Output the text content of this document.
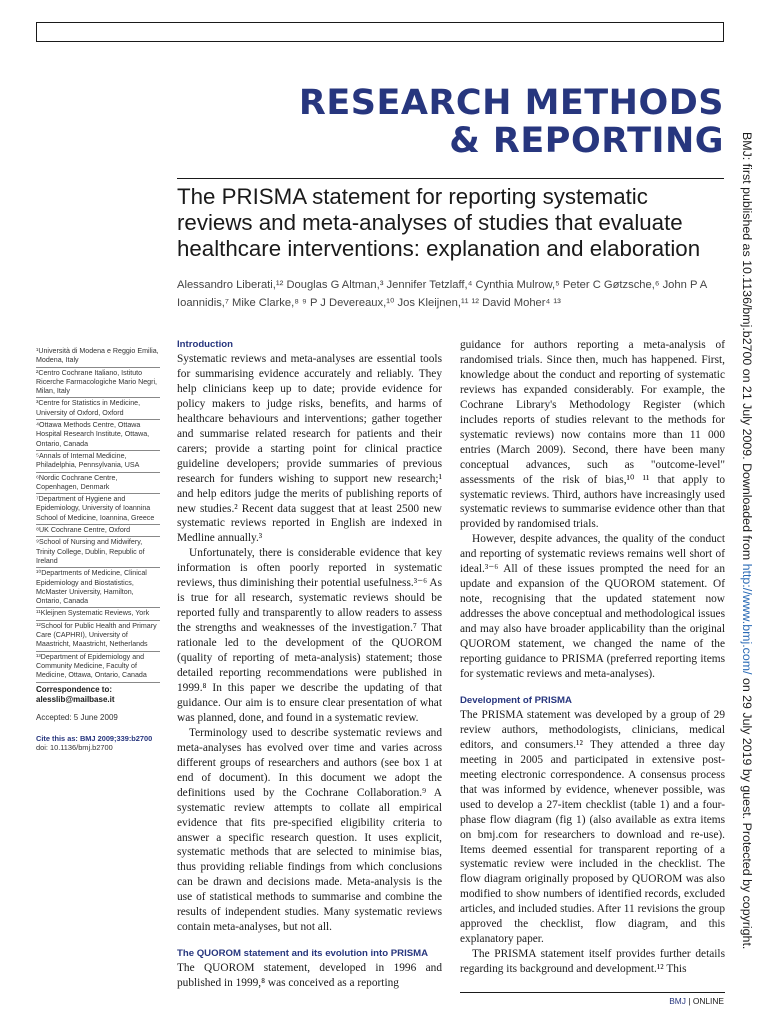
RESEARCH METHODS
& REPORTING
The PRISMA statement for reporting systematic reviews and meta-analyses of studies that evaluate healthcare interventions: explanation and elaboration
Alessandro Liberati,¹² Douglas G Altman,³ Jennifer Tetzlaff,⁴ Cynthia Mulrow,⁵ Peter C Gøtzsche,⁶ John P A Ioannidis,⁷ Mike Clarke,⁸ ⁹ P J Devereaux,¹⁰ Jos Kleijnen,¹¹ ¹² David Moher⁴ ¹³	BMJ: first published as 10.1136/bmj.b2700 on 21 July 2009. Downloaded from http://www.bmj.com/ on 29 July 2019 by guest. Protected by copyright.
¹Università di Modena e Reggio Emilia, Modena, Italy
²Centro Cochrane Italiano, Istituto Ricerche Farmacologiche Mario Negri, Milan, Italy
³Centre for Statistics in Medicine, University of Oxford, Oxford
⁴Ottawa Methods Centre, Ottawa Hospital Research Institute, Ottawa, Ontario, Canada
⁵Annals of Internal Medicine, Philadelphia, Pennsylvania, USA
⁶Nordic Cochrane Centre, Copenhagen, Denmark
⁷Department of Hygiene and Epidemiology, University of Ioannina School of Medicine, Ioannina, Greece
⁸UK Cochrane Centre, Oxford
⁹School of Nursing and Midwifery, Trinity College, Dublin, Republic of Ireland
¹⁰Departments of Medicine, Clinical Epidemiology and Biostatistics, McMaster University, Hamilton, Ontario, Canada
¹¹Kleijnen Systematic Reviews, York
¹²School for Public Health and Primary Care (CAPHRI), University of Maastricht, Maastricht, Netherlands
¹³Department of Epidemiology and Community Medicine, Faculty of Medicine, Ottawa, Ontario, Canada
Correspondence to: alesslib@mailbase.it
Accepted: 5 June 2009
Cite this as: BMJ 2009;339:b2700
doi: 10.1136/bmj.b2700
Introduction

Systematic reviews and meta-analyses are essential tools for summarising evidence accurately and reliably. They help clinicians keep up to date; provide evidence for policy makers to judge risks, benefits, and harms of healthcare behaviours and interventions; gather together and summarise related research for patients and their carers; provide a starting point for clinical practice guideline developers; provide summaries of previous research for funders wishing to support new research;¹ and help editors judge the merits of publishing reports of new studies.² Recent data suggest that at least 2500 new systematic reviews reported in English are indexed in Medline annually.³

Unfortunately, there is considerable evidence that key information is often poorly reported in systematic reviews, thus diminishing their potential usefulness.³⁻⁶ As is true for all research, systematic reviews should be reported fully and transparently to allow readers to assess the strengths and weaknesses of the investigation.⁷ That rationale led to the development of the QUOROM (quality of reporting of meta-analysis) statement; those detailed reporting recommendations were published in 1999.⁸ In this paper we describe the updating of that guidance. Our aim is to ensure clear presentation of what was planned, done, and found in a systematic review.

Terminology used to describe systematic reviews and meta-analyses has evolved over time and varies across different groups of researchers and authors (see box 1 at end of document). In this document we adopt the definitions used by the Cochrane Collaboration.⁹ A systematic review attempts to collate all empirical evidence that fits pre-specified eligibility criteria to answer a specific research question. It uses explicit, systematic methods that are selected to minimise bias, thus providing reliable findings from which conclusions can be drawn and decisions made. Meta-analysis is the use of statistical methods to summarise and combine the results of independent studies. Many systematic reviews contain meta-analyses, but not all.

The QUOROM statement and its evolution into PRISMA

The QUOROM statement, developed in 1996 and published in 1999,⁸ was conceived as a reporting

guidance for authors reporting a meta-analysis of randomised trials. Since then, much has happened. First, knowledge about the conduct and reporting of systematic reviews has expanded considerably. For example, the Cochrane Library's Methodology Register (which includes reports of studies relevant to the methods for systematic reviews) now contains more than 11 000 entries (March 2009). Second, there have been many conceptual advances, such as "outcome-level" assessments of the risk of bias,¹⁰ ¹¹ that apply to systematic reviews. Third, authors have increasingly used systematic reviews to summarise evidence other than that provided by randomised trials.

However, despite advances, the quality of the conduct and reporting of systematic reviews remains well short of ideal.³⁻⁶ All of these issues prompted the need for an update and expansion of the QUOROM statement. Of note, recognising that the updated statement now addresses the above conceptual and methodological issues and may also have broader applicability than the original QUOROM statement, we changed the name of the reporting guidance to PRISMA (preferred reporting items for systematic reviews and meta-analyses).

Development of PRISMA

The PRISMA statement was developed by a group of 29 review authors, methodologists, clinicians, medical editors, and consumers.¹² They attended a three day meeting in 2005 and participated in extensive post-meeting electronic correspondence. A consensus process that was informed by evidence, whenever possible, was used to develop a 27-item checklist (table 1) and a four-phase flow diagram (fig 1) (also available as extra items on bmj.com for researchers to download and re-use). Items deemed essential for transparent reporting of a systematic review were included in the checklist. The flow diagram originally proposed by QUOROM was also modified to show numbers of identified records, excluded articles, and included studies. After 11 revisions the group approved the checklist, flow diagram, and this explanatory paper.

The PRISMA statement itself provides further details regarding its background and development.¹² This

BMJ | ONLINE
